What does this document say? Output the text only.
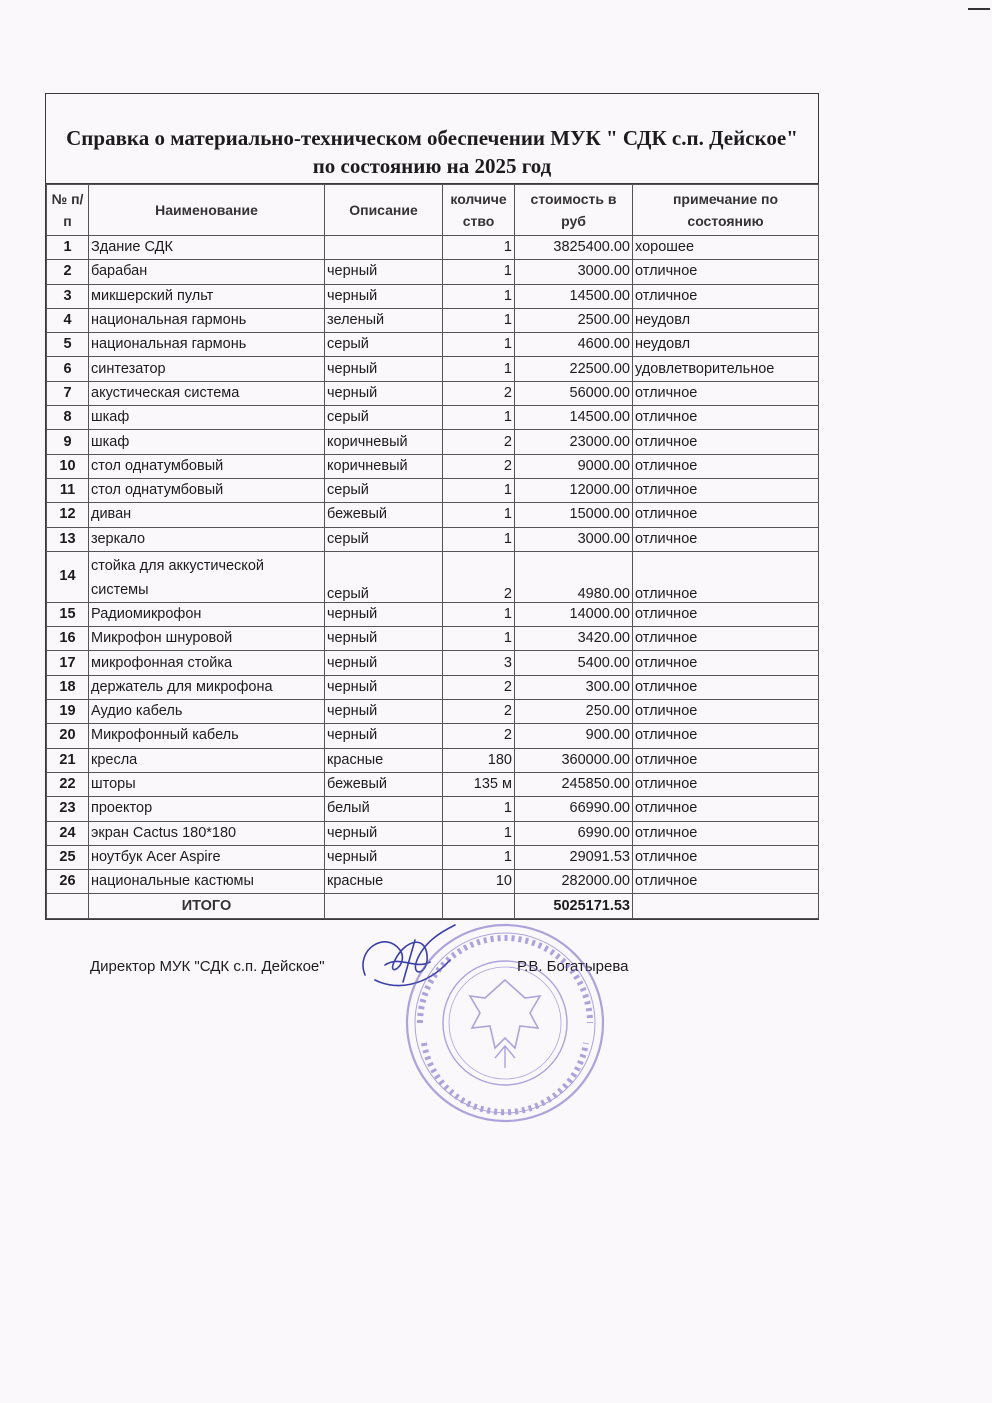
Справка о материально-техническом обеспечении МУК " СДК с.п. Дейское" по состоянию на 2025 год
№ п/п	Наименование	Описание	колчиче ство	стоимость в руб	примечание по состоянию
1	Здание СДК		1	3825400.00	хорошее
2	барабан	черный	1	3000.00	отличное
3	микшерский пульт	черный	1	14500.00	отличное
4	национальная гармонь	зеленый	1	2500.00	неудовл
5	национальная гармонь	серый	1	4600.00	неудовл
6	синтезатор	черный	1	22500.00	удовлетворительное
7	акустическая система	черный	2	56000.00	отличное
8	шкаф	серый	1	14500.00	отличное
9	шкаф	коричневый	2	23000.00	отличное
10	стол однатумбовый	коричневый	2	9000.00	отличное
11	стол однатумбовый	серый	1	12000.00	отличное
12	диван	бежевый	1	15000.00	отличное
13	зеркало	серый	1	3000.00	отличное
14	стойка для аккустической системы	серый	2	4980.00	отличное
15	Радиомикрофон	черный	1	14000.00	отличное
16	Микрофон шнуровой	черный	1	3420.00	отличное
17	микрофонная стойка	черный	3	5400.00	отличное
18	держатель для микрофона	черный	2	300.00	отличное
19	Аудио кабель	черный	2	250.00	отличное
20	Микрофонный кабель	черный	2	900.00	отличное
21	кресла	красные	180	360000.00	отличное
22	шторы	бежевый	135 м	245850.00	отличное
23	проектор	белый	1	66990.00	отличное
24	экран Cactus 180*180	черный	1	6990.00	отличное
25	ноутбук Acer Aspire	черный	1	29091.53	отличное
26	национальные кастюмы	красные	10	282000.00	отличное
	ИТОГО			5025171.53	
Директор МУК "СДК с.п. Дейское"	Р.В. Богатырева
